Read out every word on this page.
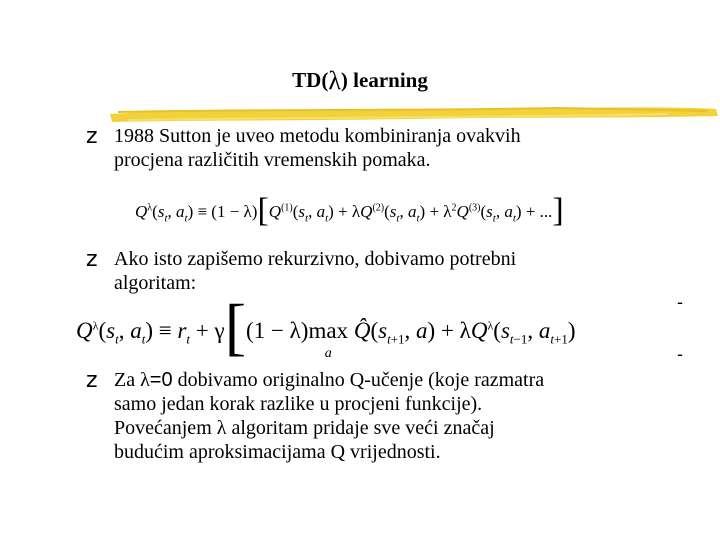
TD(λ) learning
z 1988 Sutton je uveo metodu kombiniranja ovakvih
procjena različitih vremenskih pomaka.
$Q^\lambda(s_t$, $a_t) \equiv (1 - \lambda)[Q^{(1)}(s_t$, $a_t) + \lambda Q^{(2)}(s_t$, $a_t) + \lambda^2Q^{(3)}(s_t$, $a_t$) + ...]
z Ako isto zapišemo rekurzivno, dobivamo potrebni
algoritam:
$Q^\lambda(s_t$, $a_t) \equiv r_t + \gamma[(1 - \lambda)\max$
a
$Q̂(s_{t+1}$, $a) + \lambda Q^\lambda(s_{t-1}$, $a_{t+1}$)
-
-
z Za λ=0 dobivamo originalno Q-učenje (koje razmatra
samo jedan korak razlike u procjeni funkcije).
Povećanjem λ algoritam pridaje sve veći značaj
budućim aproksimacijama Q vrijednosti.
